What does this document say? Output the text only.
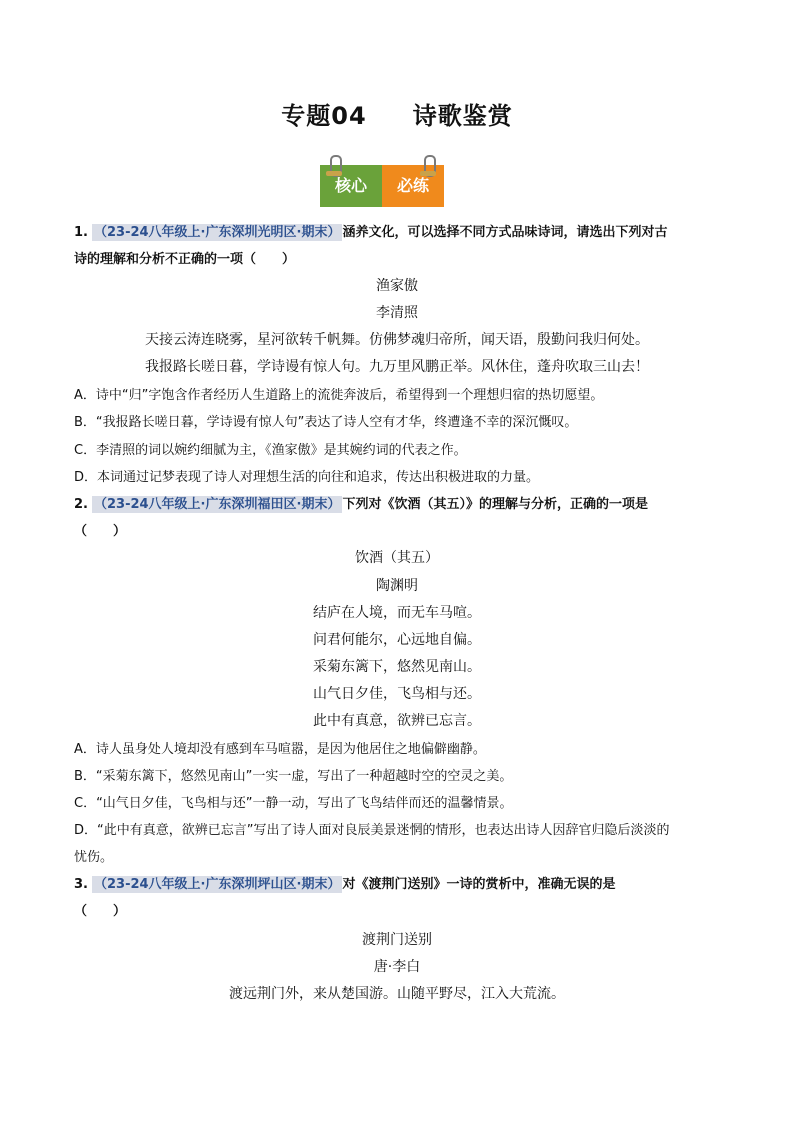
专题04 诗歌鉴赏
核心	必练
1. （23-24八年级上·广东深圳光明区·期末） 涵养文化，可以选择不同方式品味诗词，请选出下列对古
诗的理解和分析不正确的一项（　　）
渔家傲
李清照
天接云涛连晓雾，星河欲转千帆舞。仿佛梦魂归帝所，闻天语，殷勤问我归何处。
我报路长嗟日暮，学诗谩有惊人句。九万里风鹏正举。风休住，蓬舟吹取三山去！
A．诗中“归”字饱含作者经历人生道路上的流徙奔波后，希望得到一个理想归宿的热切愿望。
B．“我报路长嗟日暮，学诗谩有惊人句”表达了诗人空有才华，终遭逢不幸的深沉慨叹。
C．李清照的词以婉约细腻为主，《渔家傲》是其婉约词的代表之作。
D．本词通过记梦表现了诗人对理想生活的向往和追求，传达出积极进取的力量。
2. （23-24八年级上·广东深圳福田区·期末） 下列对《饮酒（其五）》的理解与分析，正确的一项是
（　　）
饮酒（其五）
陶渊明
结庐在人境，而无车马喧。
问君何能尔，心远地自偏。
采菊东篱下，悠然见南山。
山气日夕佳，飞鸟相与还。
此中有真意，欲辨已忘言。
A．诗人虽身处人境却没有感到车马喧嚣，是因为他居住之地偏僻幽静。
B．“采菊东篱下，悠然见南山”一实一虚，写出了一种超越时空的空灵之美。
C．“山气日夕佳，飞鸟相与还”一静一动，写出了飞鸟结伴而还的温馨情景。
D．“此中有真意，欲辨已忘言”写出了诗人面对良辰美景迷惘的情形，也表达出诗人因辞官归隐后淡淡的
忧伤。
3. （23-24八年级上·广东深圳坪山区·期末） 对《渡荆门送别》一诗的赏析中，准确无误的是
（　　）
渡荆门送别
唐·李白
渡远荆门外，来从楚国游。山随平野尽，江入大荒流。
